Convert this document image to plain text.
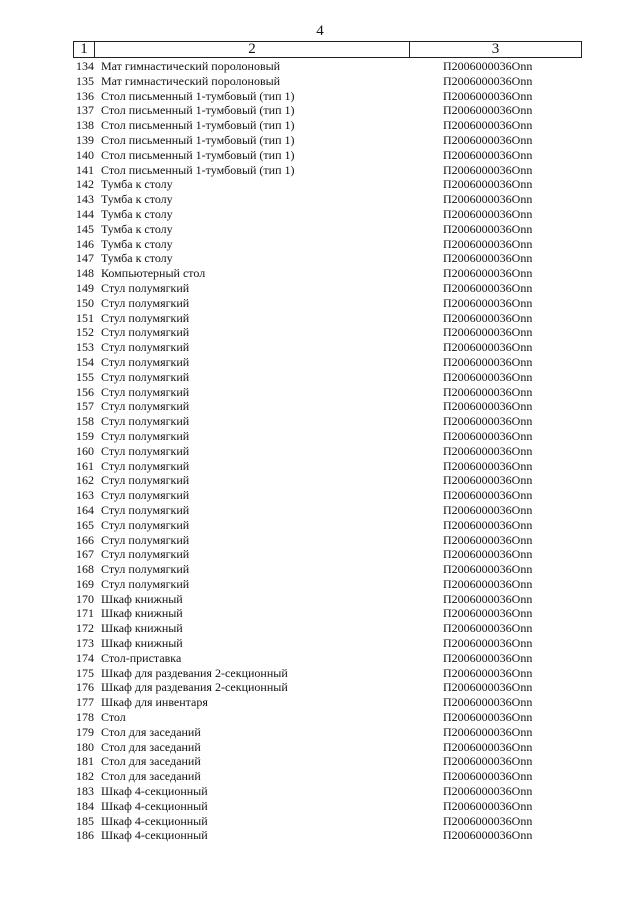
4
1	2	3
134 Мат гимнастический поролоновый	П2006000036Оnn
135 Мат гимнастический поролоновый	П2006000036Оnn
136 Стол письменный 1-тумбовый (тип 1)	П2006000036Оnn
137 Стол письменный 1-тумбовый (тип 1)	П2006000036Оnn
138 Стол письменный 1-тумбовый (тип 1)	П2006000036Оnn
139 Стол письменный 1-тумбовый (тип 1)	П2006000036Оnn
140 Стол письменный 1-тумбовый (тип 1)	П2006000036Оnn
141 Стол письменный 1-тумбовый (тип 1)	П2006000036Оnn
142 Тумба к столу	П2006000036Оnn
143 Тумба к столу	П2006000036Оnn
144 Тумба к столу	П2006000036Оnn
145 Тумба к столу	П2006000036Оnn
146 Тумба к столу	П2006000036Оnn
147 Тумба к столу	П2006000036Оnn
148 Компьютерный стол	П2006000036Оnn
149 Стул полумягкий	П2006000036Оnn
150 Стул полумягкий	П2006000036Оnn
151 Стул полумягкий	П2006000036Оnn
152 Стул полумягкий	П2006000036Оnn
153 Стул полумягкий	П2006000036Оnn
154 Стул полумягкий	П2006000036Оnn
155 Стул полумягкий	П2006000036Оnn
156 Стул полумягкий	П2006000036Оnn
157 Стул полумягкий	П2006000036Оnn
158 Стул полумягкий	П2006000036Оnn
159 Стул полумягкий	П2006000036Оnn
160 Стул полумягкий	П2006000036Оnn
161 Стул полумягкий	П2006000036Оnn
162 Стул полумягкий	П2006000036Оnn
163 Стул полумягкий	П2006000036Оnn
164 Стул полумягкий	П2006000036Оnn
165 Стул полумягкий	П2006000036Оnn
166 Стул полумягкий	П2006000036Оnn
167 Стул полумягкий	П2006000036Оnn
168 Стул полумягкий	П2006000036Оnn
169 Стул полумягкий	П2006000036Оnn
170 Шкаф книжный	П2006000036Оnn
171 Шкаф книжный	П2006000036Оnn
172 Шкаф книжный	П2006000036Оnn
173 Шкаф книжный	П2006000036Оnn
174 Стол-приставка	П2006000036Оnn
175 Шкаф для раздевания 2-секционный	П2006000036Оnn
176 Шкаф для раздевания 2-секционный	П2006000036Оnn
177 Шкаф для инвентаря	П2006000036Оnn
178 Стол	П2006000036Оnn
179 Стол для заседаний	П2006000036Оnn
180 Стол для заседаний	П2006000036Оnn
181 Стол для заседаний	П2006000036Оnn
182 Стол для заседаний	П2006000036Оnn
183 Шкаф 4-секционный	П2006000036Оnn
184 Шкаф 4-секционный	П2006000036Оnn
185 Шкаф 4-секционный	П2006000036Оnn
186 Шкаф 4-секционный	П2006000036Оnn
